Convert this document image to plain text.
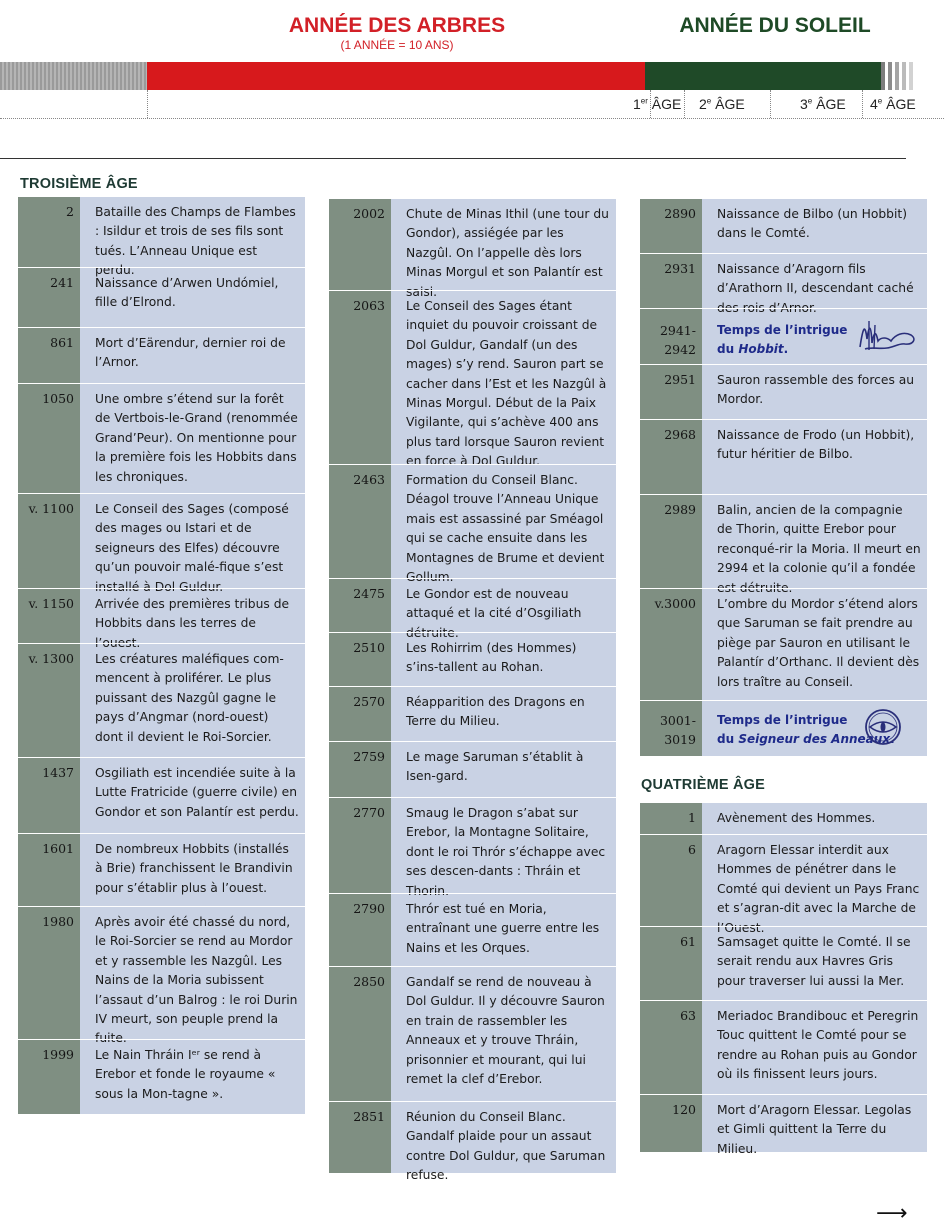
ANNÉE DES ARBRES
(1 ANNÉE = 10 ANS)
ANNÉE DU SOLEIL
1er ÂGE 2e ÂGE	3e ÂGE 4e ÂGE
TROISIÈME ÂGE
QUATRIÈME ÂGE
2 Bataille des Champs de Flambes : Isildur et trois de ses fils sont tués. L’Anneau Unique est perdu.
241 Naissance d’Arwen Undómiel, fille d’Elrond.
861 Mort d’Eärendur, dernier roi de l’Arnor.
1050 Une ombre s’étend sur la forêt de Vertbois-le-Grand (renommée Grand’Peur). On mentionne pour la première fois les Hobbits dans les chroniques.
v. 1100 Le Conseil des Sages (composé des mages ou Istari et de seigneurs des Elfes) découvre qu’un pouvoir malé-fique s’est installé à Dol Guldur.
v. 1150 Arrivée des premières tribus de Hobbits dans les terres de l’ouest.
v. 1300 Les créatures maléfiques com-mencent à proliférer. Le plus puissant des Nazgûl gagne le pays d’Angmar (nord-ouest) dont il devient le Roi-Sorcier.
1437 Osgiliath est incendiée suite à la Lutte Fratricide (guerre civile) en Gondor et son Palantír est perdu.
1601 De nombreux Hobbits (installés à Brie) franchissent le Brandivin pour s’établir plus à l’ouest.
1980 Après avoir été chassé du nord, le Roi-Sorcier se rend au Mordor et y rassemble les Nazgûl. Les Nains de la Moria subissent l’assaut d’un Balrog : le roi Durin IV meurt, son peuple prend la fuite.
1999 Le Nain Thráin Iᵉʳ se rend à Erebor et fonde le royaume « sous la Mon-tagne ».
2002 Chute de Minas Ithil (une tour du Gondor), assiégée par les Nazgûl. On l’appelle dès lors Minas Morgul et son Palantír est saisi.
2063 Le Conseil des Sages étant inquiet du pouvoir croissant de Dol Guldur, Gandalf (un des mages) s’y rend. Sauron part se cacher dans l’Est et les Nazgûl à Minas Morgul. Début de la Paix Vigilante, qui s’achève 400 ans plus tard lorsque Sauron revient en force à Dol Guldur.
2463 Formation du Conseil Blanc. Déagol trouve l’Anneau Unique mais est assassiné par Sméagol qui se cache ensuite dans les Montagnes de Brume et devient Gollum.
2475 Le Gondor est de nouveau attaqué et la cité d’Osgiliath détruite.
2510 Les Rohirrim (des Hommes) s’ins-tallent au Rohan.
2570 Réapparition des Dragons en Terre du Milieu.
2759 Le mage Saruman s’établit à Isen-gard.
2770 Smaug le Dragon s’abat sur Erebor, la Montagne Solitaire, dont le roi Thrór s’échappe avec ses descen-dants : Thráin et Thorin.
2790 Thrór est tué en Moria, entraînant une guerre entre les Nains et les Orques.
2850 Gandalf se rend de nouveau à Dol Guldur. Il y découvre Sauron en train de rassembler les Anneaux et y trouve Thráin, prisonnier et mourant, qui lui remet la clef d’Erebor.
2851 Réunion du Conseil Blanc. Gandalf plaide pour un assaut contre Dol Guldur, que Saruman refuse.
2890 Naissance de Bilbo (un Hobbit) dans le Comté.
2931 Naissance d’Aragorn fils d’Arathorn II, descendant caché des rois d’Arnor.
2941-
2942
Temps de l’intrigue
du Hobbit.
2951 Sauron rassemble des forces au Mordor.
2968 Naissance de Frodo (un Hobbit), futur héritier de Bilbo.
2989 Balin, ancien de la compagnie de Thorin, quitte Erebor pour reconqué-rir la Moria. Il meurt en 2994 et la colonie qu’il a fondée est détruite.
v.3000 L’ombre du Mordor s’étend alors que Saruman se fait prendre au piège par Sauron en utilisant le Palantír d’Orthanc. Il devient dès lors traître au Conseil.
3001-
3019
Temps de l’intrigue
du Seigneur des Anneaux.
1 Avènement des Hommes.
6 Aragorn Elessar interdit aux Hommes de pénétrer dans le Comté qui devient un Pays Franc et s’agran-dit avec la Marche de l’Ouest.
61 Samsaget quitte le Comté. Il se serait rendu aux Havres Gris pour traverser lui aussi la Mer.
63 Meriadoc Brandibouc et Peregrin Touc quittent le Comté pour se rendre au Rohan puis au Gondor où ils finissent leurs jours.
120 Mort d’Aragorn Elessar. Legolas et Gimli quittent la Terre du Milieu.
⟶
